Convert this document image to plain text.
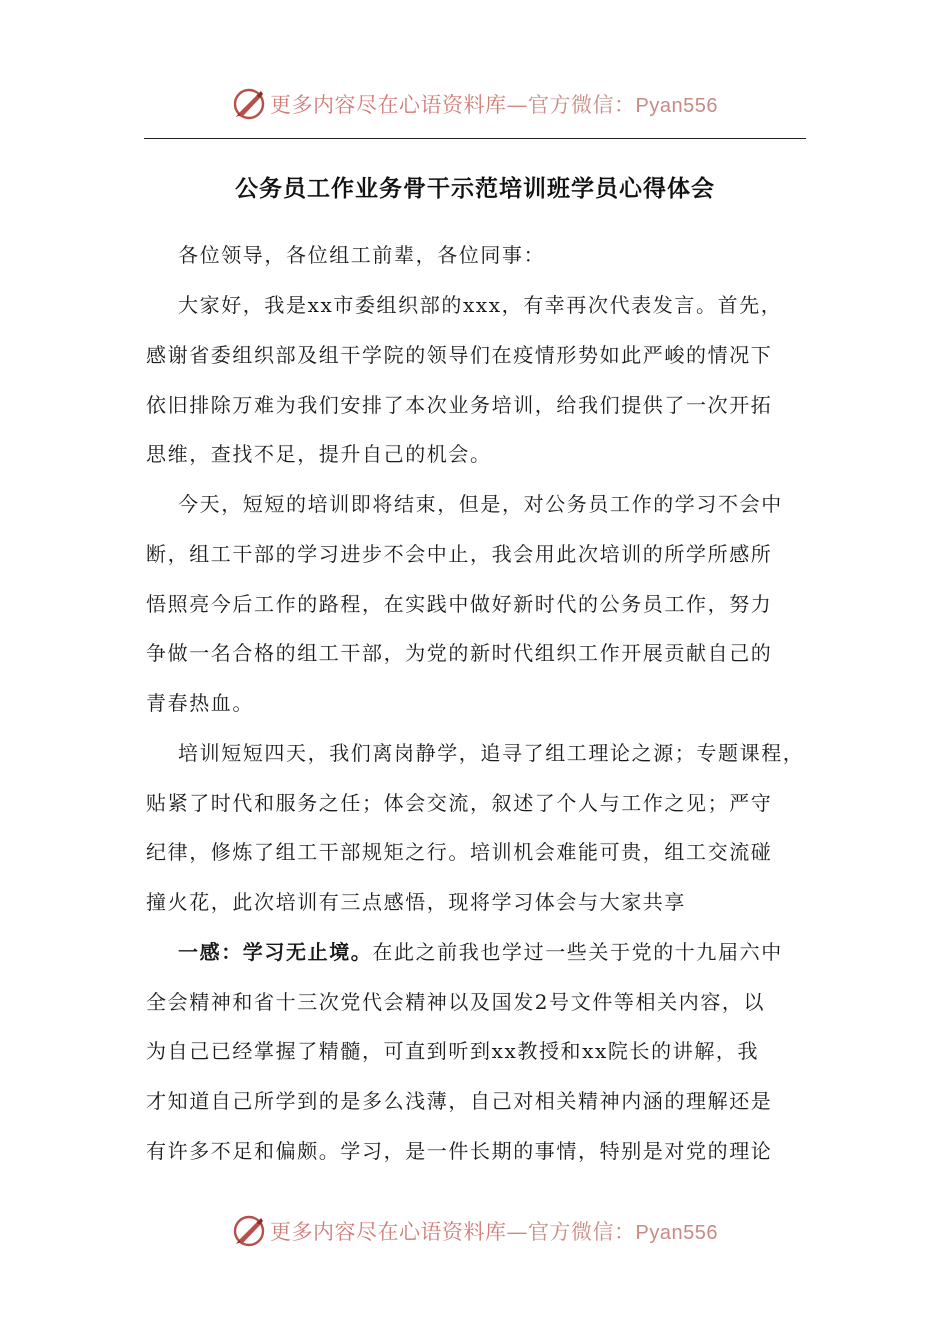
更多内容尽在心语资料库—官方微信：Pyan556
公务员工作业务骨干示范培训班学员心得体会
各位领导，各位组工前辈，各位同事：
大家好，我是xx市委组织部的xxx，有幸再次代表发言。首先，
感谢省委组织部及组干学院的领导们在疫情形势如此严峻的情况下
依旧排除万难为我们安排了本次业务培训，给我们提供了一次开拓
思维，查找不足，提升自己的机会。
今天，短短的培训即将结束，但是，对公务员工作的学习不会中
断，组工干部的学习进步不会中止，我会用此次培训的所学所感所
悟照亮今后工作的路程，在实践中做好新时代的公务员工作，努力
争做一名合格的组工干部，为党的新时代组织工作开展贡献自己的
青春热血。
培训短短四天，我们离岗静学，追寻了组工理论之源；专题课程，
贴紧了时代和服务之任；体会交流，叙述了个人与工作之见；严守
纪律，修炼了组工干部规矩之行。培训机会难能可贵，组工交流碰
撞火花，此次培训有三点感悟，现将学习体会与大家共享
一感：学习无止境。在此之前我也学过一些关于党的十九届六中
全会精神和省十三次党代会精神以及国发2号文件等相关内容，以
为自己已经掌握了精髓，可直到听到xx教授和xx院长的讲解，我
才知道自己所学到的是多么浅薄，自己对相关精神内涵的理解还是
有许多不足和偏颇。学习，是一件长期的事情，特别是对党的理论
更多内容尽在心语资料库—官方微信：Pyan556
